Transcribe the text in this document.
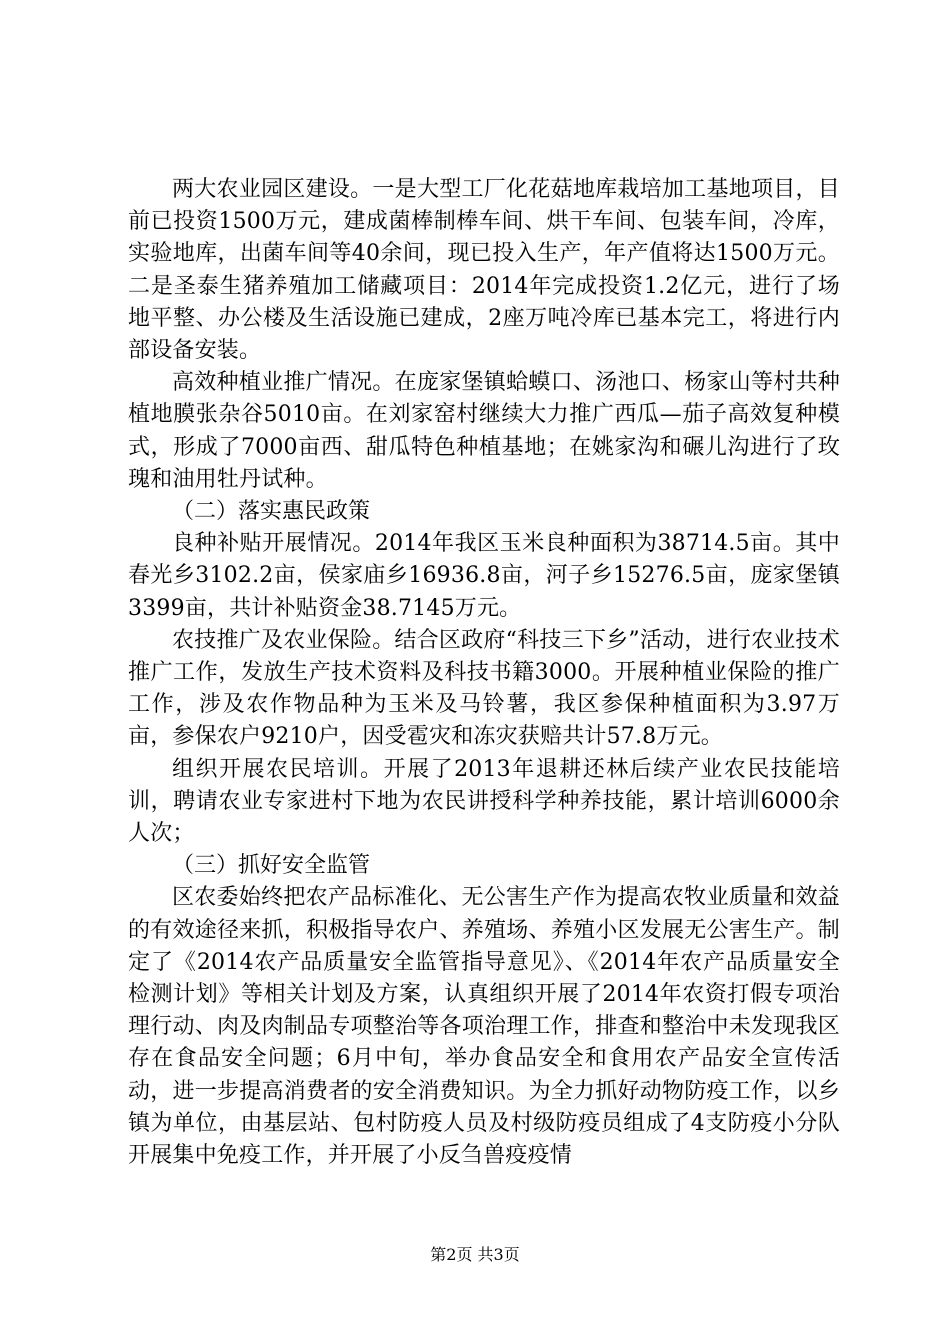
两大农业园区建设。一是大型工厂化花菇地库栽培加工基地项目，目前已投资1500万元，建成菌棒制棒车间、烘干车间、包装车间，冷库，实验地库，出菌车间等40余间，现已投入生产，年产值将达1500万元。二是圣泰生猪养殖加工储藏项目：2014年完成投资1.2亿元，进行了场地平整、办公楼及生活设施已建成，2座万吨冷库已基本完工，将进行内部设备安装。

高效种植业推广情况。在庞家堡镇蛤蟆口、汤池口、杨家山等村共种植地膜张杂谷5010亩。在刘家窑村继续大力推广西瓜—茄子高效复种模式，形成了7000亩西、甜瓜特色种植基地；在姚家沟和碾儿沟进行了玫瑰和油用牡丹试种。

（二）落实惠民政策

良种补贴开展情况。2014年我区玉米良种面积为38714.5亩。其中春光乡3102.2亩，侯家庙乡16936.8亩，河子乡15276.5亩，庞家堡镇3399亩，共计补贴资金38.7145万元。

农技推广及农业保险。结合区政府“科技三下乡”活动，进行农业技术推广工作，发放生产技术资料及科技书籍3000。开展种植业保险的推广工作，涉及农作物品种为玉米及马铃薯，我区参保种植面积为3.97万亩，参保农户9210户，因受雹灾和冻灾获赔共计57.8万元。

组织开展农民培训。开展了2013年退耕还林后续产业农民技能培训，聘请农业专家进村下地为农民讲授科学种养技能，累计培训6000余人次；

（三）抓好安全监管

区农委始终把农产品标准化、无公害生产作为提高农牧业质量和效益的有效途径来抓，积极指导农户、养殖场、养殖小区发展无公害生产。制定了《2014农产品质量安全监管指导意见》、《2014年农产品质量安全检测计划》等相关计划及方案，认真组织开展了2014年农资打假专项治理行动、肉及肉制品专项整治等各项治理工作，排查和整治中未发现我区存在食品安全问题；6月中旬，举办食品安全和食用农产品安全宣传活动，进一步提高消费者的安全消费知识。为全力抓好动物防疫工作，以乡镇为单位，由基层站、包村防疫人员及村级防疫员组成了4支防疫小分队开展集中免疫工作，并开展了小反刍兽疫疫情

第2页 共3页
